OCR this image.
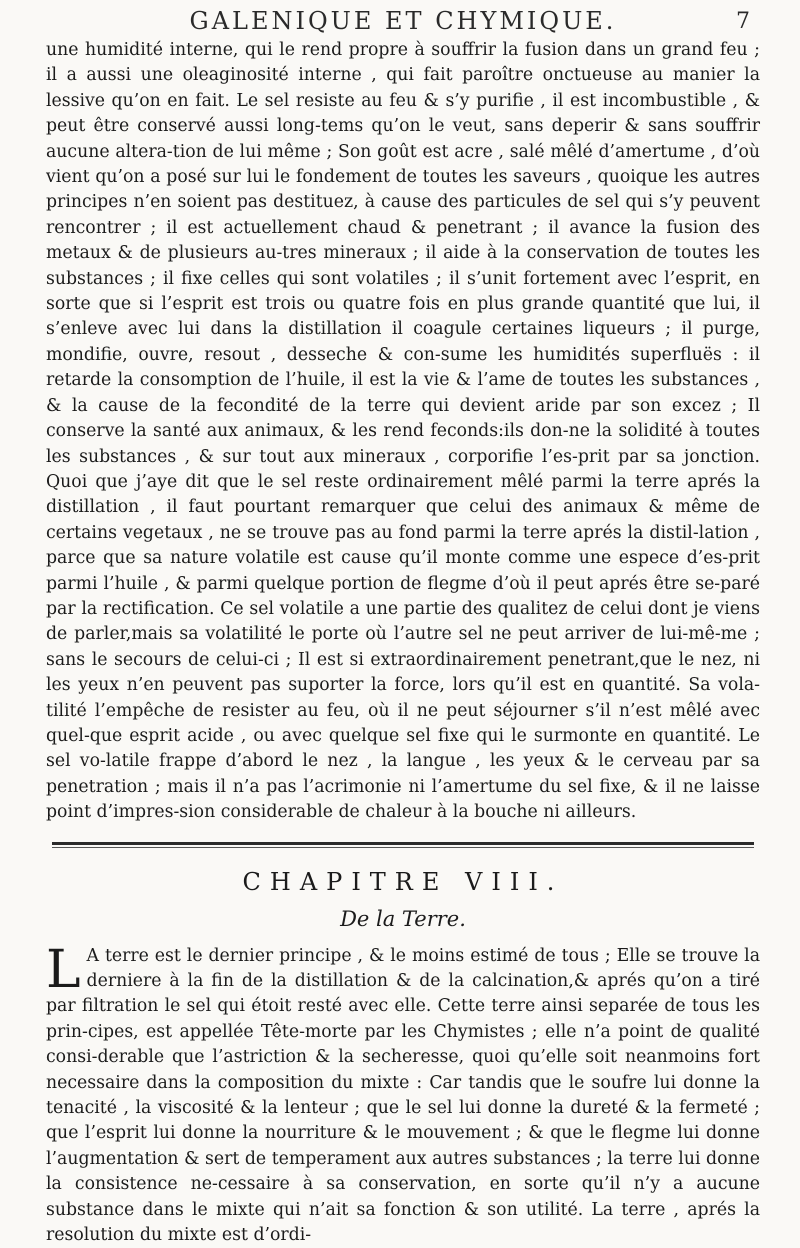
GALENIQUE ET CHYMIQUE.	7

une humidité interne, qui le rend propre à souffrir la fusion dans un grand feu ; il a aussi une oleaginosité interne , qui fait paroître onctueuse au manier la lessive qu’on en fait. Le sel resiste au feu & s’y purifie , il est incombustible , & peut être conservé aussi long-tems qu’on le veut, sans deperir & sans souffrir aucune altera-tion de lui même ; Son goût est acre , salé mêlé d’amertume , d’où vient qu’on a posé sur lui le fondement de toutes les saveurs , quoique les autres principes n’en soient pas destituez, à cause des particules de sel qui s’y peuvent rencontrer ; il est actuellement chaud & penetrant ; il avance la fusion des metaux & de plusieurs au-tres mineraux ; il aide à la conservation de toutes les substances ; il fixe celles qui sont volatiles ; il s’unit fortement avec l’esprit, en sorte que si l’esprit est trois ou quatre fois en plus grande quantité que lui, il s’enleve avec lui dans la distillation il coagule certaines liqueurs ; il purge, mondifie, ouvre, resout , desseche & con-sume les humidités superfluës : il retarde la consomption de l’huile, il est la vie & l’ame de toutes les substances , & la cause de la fecondité de la terre qui devient aride par son excez ; Il conserve la santé aux animaux, & les rend feconds:ils don-ne la solidité à toutes les substances , & sur tout aux mineraux , corporifie l’es-prit par sa jonction. Quoi que j’aye dit que le sel reste ordinairement mêlé parmi la terre aprés la distillation , il faut pourtant remarquer que celui des animaux & même de certains vegetaux , ne se trouve pas au fond parmi la terre aprés la distil-lation , parce que sa nature volatile est cause qu’il monte comme une espece d’es-prit parmi l’huile , & parmi quelque portion de flegme d’où il peut aprés être se-paré par la rectification. Ce sel volatile a une partie des qualitez de celui dont je viens de parler,mais sa volatilité le porte où l’autre sel ne peut arriver de lui-mê-me ; sans le secours de celui-ci ; Il est si extraordinairement penetrant,que le nez, ni les yeux n’en peuvent pas suporter la force, lors qu’il est en quantité. Sa vola-tilité l’empêche de resister au feu, où il ne peut séjourner s’il n’est mêlé avec quel-que esprit acide , ou avec quelque sel fixe qui le surmonte en quantité. Le sel vo-latile frappe d’abord le nez , la langue , les yeux & le cerveau par sa penetration ; mais il n’a pas l’acrimonie ni l’amertume du sel fixe, & il ne laisse point d’impres-sion considerable de chaleur à la bouche ni ailleurs.

CHAPITRE VIII.
De la Terre.

L A terre est le dernier principe , & le moins estimé de tous ; Elle se trouve la derniere à la fin de la distillation & de la calcination,& aprés qu’on a tiré par filtration le sel qui étoit resté avec elle. Cette terre ainsi separée de tous les prin-cipes, est appellée Tête-morte par les Chymistes ; elle n’a point de qualité consi-derable que l’astriction & la secheresse, quoi qu’elle soit neanmoins fort necessaire dans la composition du mixte : Car tandis que le soufre lui donne la tenacité , la viscosité & la lenteur ; que le sel lui donne la dureté & la fermeté ; que l’esprit lui donne la nourriture & le mouvement ; & que le flegme lui donne l’augmentation & sert de temperament aux autres substances ; la terre lui donne la consistence ne-cessaire à sa conservation, en sorte qu’il n’y a aucune substance dans le mixte qui n’ait sa fonction & son utilité. La terre , aprés la resolution du mixte est d’ordi-
